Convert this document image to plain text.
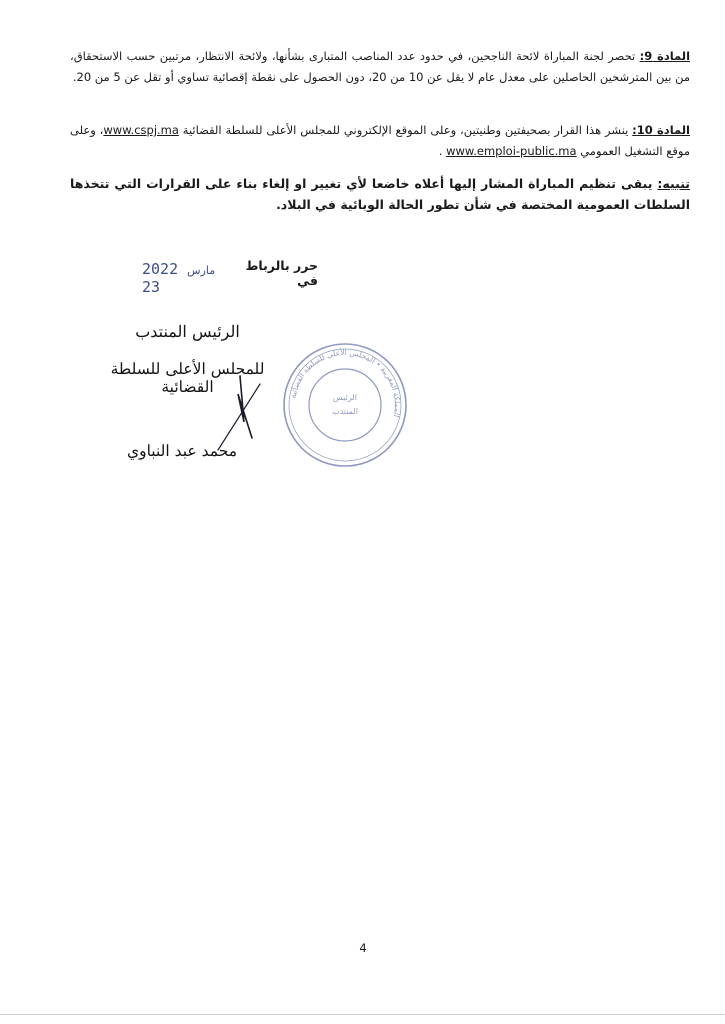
المادة 9: تحصر لجنة المباراة لائحة الناجحين، في حدود عدد المناصب المتبارى بشأنها، ولائحة الانتظار، مرتبين حسب الاستحقاق، من بين المترشحين الحاصلين على معدل عام لا يقل عن 10 من 20، دون الحصول على نقطة إقصائية تساوي أو تقل عن 5 من 20.
المادة 10: ينشر هذا القرار بصحيفتين وطنيتين، وعلى الموقع الإلكتروني للمجلس الأعلى للسلطة القضائية www.cspj.ma، وعلى موقع التشغيل العمومي www.emploi-public.ma .
تنبيه: يبقى تنظيم المباراة المشار إليها أعلاه خاضعا لأي تغيير او إلغاء بناء على القرارات التي تتخذها السلطات العمومية المختصة في شأن تطور الحالة الوبائية في البلاد.
حرر بالرباط في
2022 مارس 23
الرئيس المنتدب
للمجلس الأعلى للسلطة القضائية
المملكة المغربية • المجلس الأعلى للسلطة القضائية
الرئيس
المنتدب
محمد عبد النباوي
4
